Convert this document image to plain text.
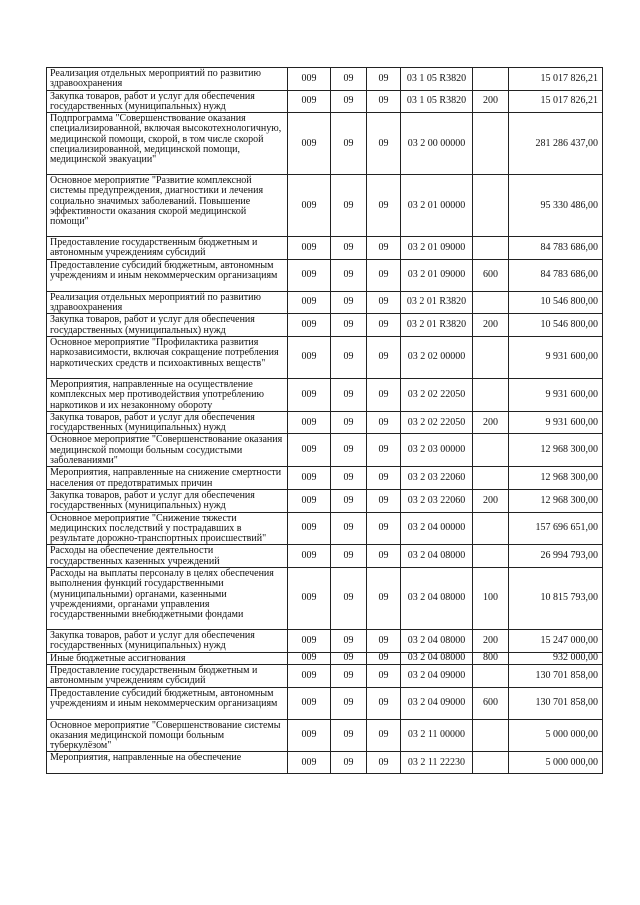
Реализация отдельных мероприятий по развитию здравоохранения	009	09	09	03 1 05 R3820		15 017 826,21
Закупка товаров, работ и услуг для обеспечения государственных (муниципальных) нужд	009	09	09	03 1 05 R3820	200	15 017 826,21
Подпрограмма "Совершенствование оказания специализированной, включая высокотехнологичную, медицинской помощи, скорой, в том числе скорой специализированной, медицинской помощи, медицинской эвакуации"	009	09	09	03 2 00 00000		281 286 437,00
Основное мероприятие "Развитие комплексной системы предупреждения, диагностики и лечения социально значимых заболеваний. Повышение эффективности оказания скорой медицинской помощи"	009	09	09	03 2 01 00000		95 330 486,00
Предоставление государственным бюджетным и автономным учреждениям субсидий	009	09	09	03 2 01 09000		84 783 686,00
Предоставление субсидий бюджетным, автономным учреждениям и иным некоммерческим организациям	009	09	09	03 2 01 09000	600	84 783 686,00
Реализация отдельных мероприятий по развитию здравоохранения	009	09	09	03 2 01 R3820		10 546 800,00
Закупка товаров, работ и услуг для обеспечения государственных (муниципальных) нужд	009	09	09	03 2 01 R3820	200	10 546 800,00
Основное мероприятие "Профилактика развития наркозависимости, включая сокращение потребления наркотических средств и психоактивных веществ"	009	09	09	03 2 02 00000		9 931 600,00
Мероприятия, направленные на осуществление комплексных мер противодействия употреблению наркотиков и их незаконному обороту	009	09	09	03 2 02 22050		9 931 600,00
Закупка товаров, работ и услуг для обеспечения государственных (муниципальных) нужд	009	09	09	03 2 02 22050	200	9 931 600,00
Основное мероприятие "Совершенствование оказания медицинской помощи больным сосудистыми заболеваниями"	009	09	09	03 2 03 00000		12 968 300,00
Мероприятия, направленные на снижение смертности населения от предотвратимых причин	009	09	09	03 2 03 22060		12 968 300,00
Закупка товаров, работ и услуг для обеспечения государственных (муниципальных) нужд	009	09	09	03 2 03 22060	200	12 968 300,00
Основное мероприятие "Снижение тяжести медицинских последствий у пострадавших в результате дорожно-транспортных происшествий"	009	09	09	03 2 04 00000		157 696 651,00
Расходы на обеспечение деятельности государственных казенных учреждений	009	09	09	03 2 04 08000		26 994 793,00
Расходы на выплаты персоналу в целях обеспечения выполнения функций государственными (муниципальными) органами, казенными учреждениями, органами управления государственными внебюджетными фондами	009	09	09	03 2 04 08000	100	10 815 793,00
Закупка товаров, работ и услуг для обеспечения государственных (муниципальных) нужд	009	09	09	03 2 04 08000	200	15 247 000,00
Иные бюджетные ассигнования	009	09	09	03 2 04 08000	800	932 000,00
Предоставление государственным бюджетным и автономным учреждениям субсидий	009	09	09	03 2 04 09000		130 701 858,00
Предоставление субсидий бюджетным, автономным учреждениям и иным некоммерческим организациям	009	09	09	03 2 04 09000	600	130 701 858,00
Основное мероприятие "Совершенствование системы оказания медицинской помощи больным туберкулёзом"	009	09	09	03 2 11 00000		5 000 000,00
Мероприятия, направленные на обеспечение	009	09	09	03 2 11 22230		5 000 000,00
